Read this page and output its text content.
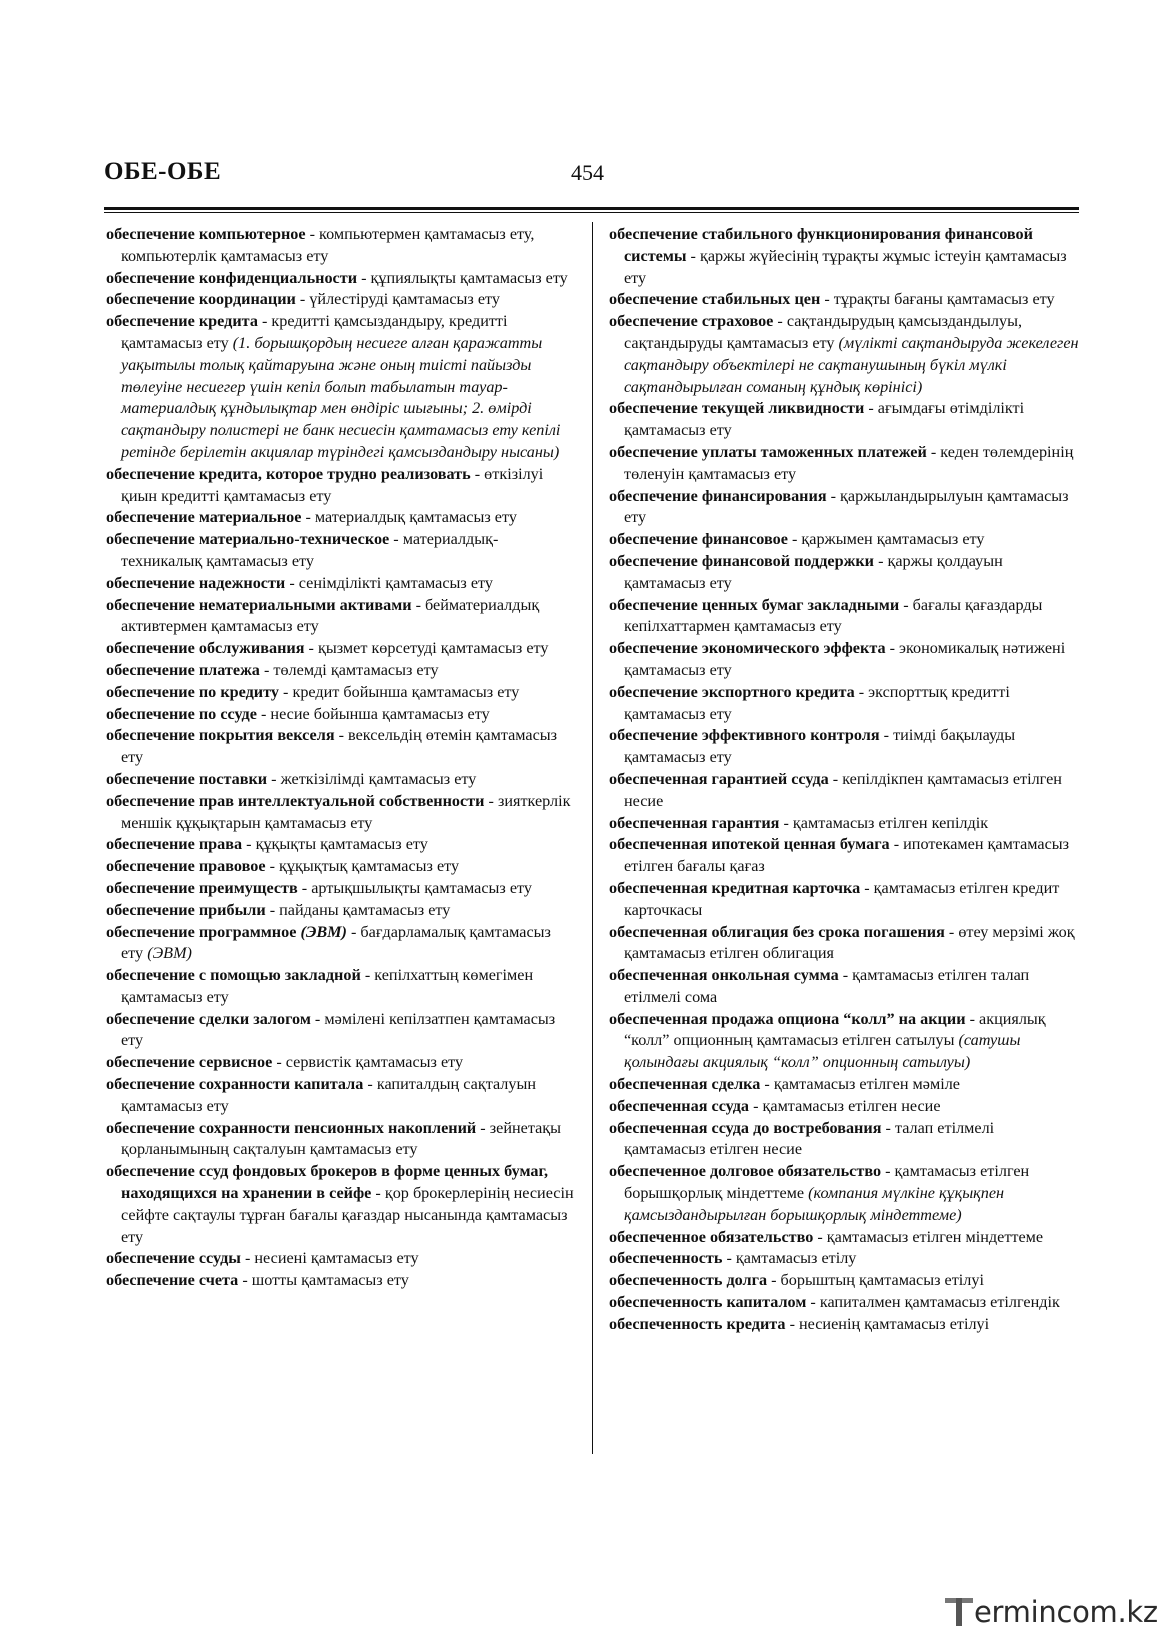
ОБЕ-ОБЕ	454
обеспечение компьютерное - компьютермен қамтамасыз ету, компьютерлік қамтамасыз ету
обеспечение конфиденциальности - құпиялықты қамтамасыз ету
обеспечение координации - үйлестіруді қамтамасыз ету
обеспечение кредита - кредитті қамсыздандыру, кредитті қамтамасыз ету (1. борышқордың несиеге алған қаражатты уақытылы толық қайтаруына және оның тиісті пайызды төлеуіне несиегер үшін кепіл болып табылатын тауар-материалдық құндылықтар мен өндіріс шығыны; 2. өмірді сақтандыру полистері не банк несиесін қамтамасыз ету кепілі ретінде берілетін акциялар түріндегі қамсыздандыру нысаны)
обеспечение кредита, которое трудно реализовать - өткізілуі қиын кредитті қамтамасыз ету
обеспечение материальное - материалдық қамтамасыз ету
обеспечение материально-техническое - материалдық-техникалық қамтамасыз ету
обеспечение надежности - сенімділікті қамтамасыз ету
обеспечение нематериальными активами - бейматериалдық активтермен қамтамасыз ету
обеспечение обслуживания - қызмет көрсетуді қамтамасыз ету
обеспечение платежа - төлемді қамтамасыз ету
обеспечение по кредиту - кредит бойынша қамтамасыз ету
обеспечение по ссуде - несие бойынша қамтамасыз ету
обеспечение покрытия векселя - вексельдің өтемін қамтамасыз ету
обеспечение поставки - жеткізілімді қамтамасыз ету
обеспечение прав интеллектуальной собственности - зияткерлік меншік құқықтарын қамтамасыз ету
обеспечение права - құқықты қамтамасыз ету
обеспечение правовое - құқықтық қамтамасыз ету
обеспечение преимуществ - артықшылықты қамтамасыз ету
обеспечение прибыли - пайданы қамтамасыз ету
обеспечение программное (ЭВМ) - бағдарламалық қамтамасыз ету (ЭВМ)
обеспечение с помощью закладной - кепілхаттың көмегімен қамтамасыз ету
обеспечение сделки залогом - мәмілені кепілзатпен қамтамасыз ету
обеспечение сервисное - сервистік қамтамасыз ету
обеспечение сохранности капитала - капиталдың сақталуын қамтамасыз ету
обеспечение сохранности пенсионных накоплений - зейнетақы қорланымының сақталуын қамтамасыз ету
обеспечение ссуд фондовых брокеров в форме ценных бумаг, находящихся на хранении в сейфе - қор брокерлерінің несиесін сейфте сақтаулы тұрған бағалы қағаздар нысанында қамтамасыз ету
обеспечение ссуды - несиені қамтамасыз ету
обеспечение счета - шотты қамтамасыз ету
обеспечение стабильного функционирования финансовой системы - қаржы жүйесінің тұрақты жұмыс істеуін қамтамасыз ету
обеспечение стабильных цен - тұрақты бағаны қамтамасыз ету
обеспечение страховое - сақтандырудың қамсыздандылуы, сақтандыруды қамтамасыз ету (мүлікті сақтандыруда жекелеген сақтандыру объектілері не сақтанушының бүкіл мүлкі сақтандырылған соманың құндық көрінісі)
обеспечение текущей ликвидности - ағымдағы өтімділікті қамтамасыз ету
обеспечение уплаты таможенных платежей - кеден төлемдерінің төленуін қамтамасыз ету
обеспечение финансирования - қаржыландырылуын қамтамасыз ету
обеспечение финансовое - қаржымен қамтамасыз ету
обеспечение финансовой поддержки - қаржы қолдауын қамтамасыз ету
обеспечение ценных бумаг закладными - бағалы қағаздарды кепілхаттармен қамтамасыз ету
обеспечение экономического эффекта - экономикалық нәтижені қамтамасыз ету
обеспечение экспортного кредита - экспорттық кредитті қамтамасыз ету
обеспечение эффективного контроля - тиімді бақылауды қамтамасыз ету
обеспеченная гарантией ссуда - кепілдікпен қамтамасыз етілген несие
обеспеченная гарантия - қамтамасыз етілген кепілдік
обеспеченная ипотекой ценная бумага - ипотекамен қамтамасыз етілген бағалы қағаз
обеспеченная кредитная карточка - қамтамасыз етілген кредит карточкасы
обеспеченная облигация без срока погашения - өтеу мерзімі жоқ қамтамасыз етілген облигация
обеспеченная онкольная сумма - қамтамасыз етілген талап етілмелі сома
обеспеченная продажа опциона “колл” на акции - акциялық “колл” опционның қамтамасыз етілген сатылуы (сатушы қолындағы акциялық “колл” опционның сатылуы)
обеспеченная сделка - қамтамасыз етілген мәміле
обеспеченная ссуда - қамтамасыз етілген несие
обеспеченная ссуда до востребования - талап етілмелі қамтамасыз етілген несие
обеспеченное долговое обязательство - қамтамасыз етілген борышқорлық міндеттеме (компания мүлкіне құқықпен қамсыздандырылған борышқорлық міндеттеме)
обеспеченное обязательство - қамтамасыз етілген міндеттеме
обеспеченность - қамтамасыз етілу
обеспеченность долга - борыштың қамтамасыз етілуі
обеспеченность капиталом - капиталмен қамтамасыз етілгендік
обеспеченность кредита - несиенің қамтамасыз етілуі
ermincom.kz
